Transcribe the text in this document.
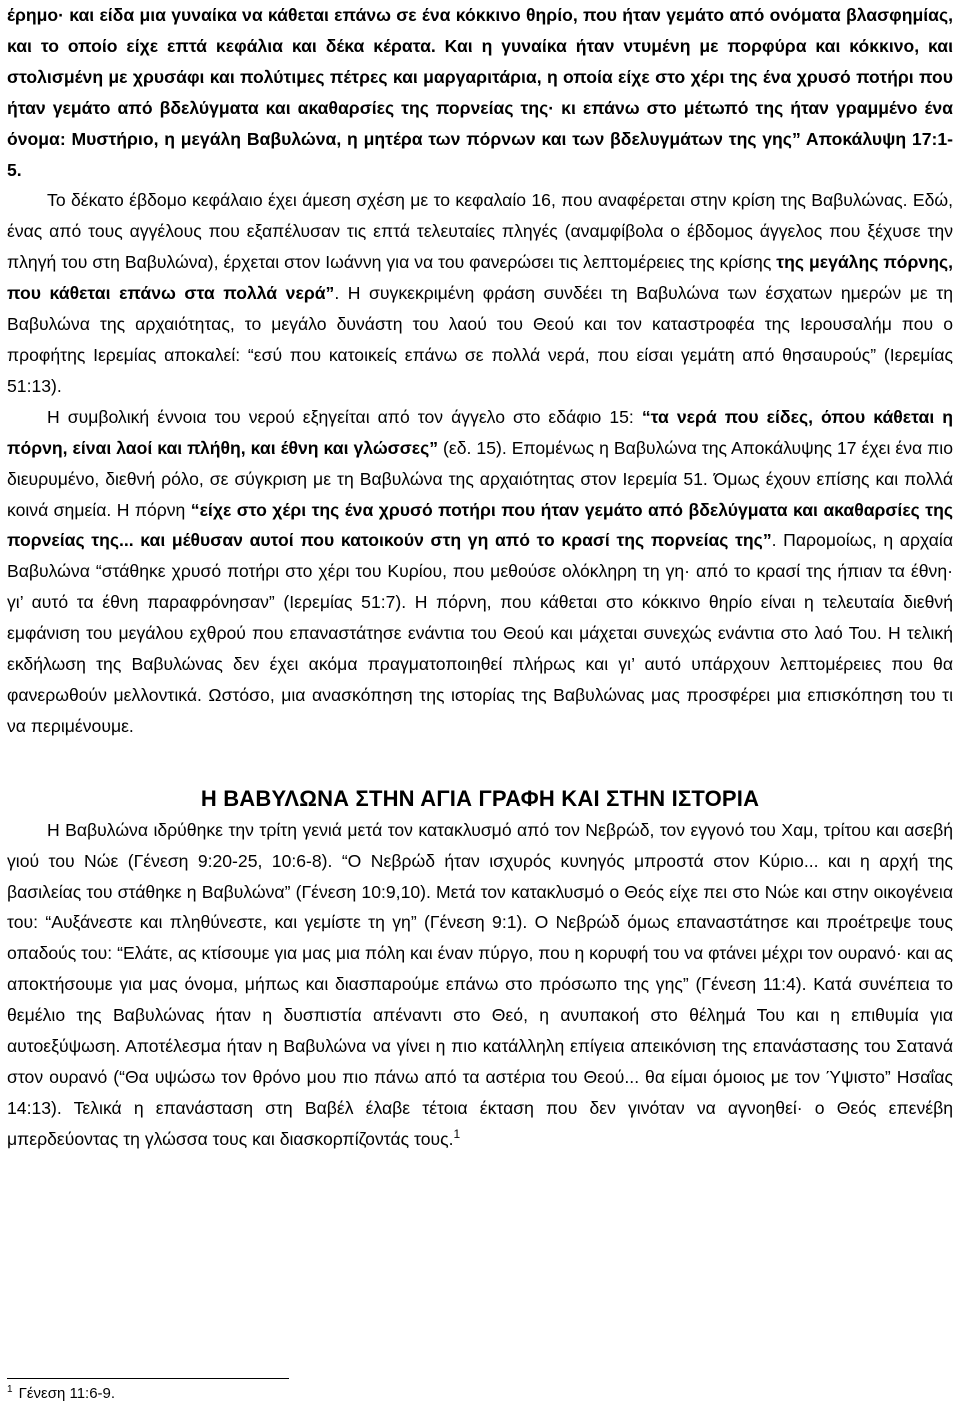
έρημο· και είδα μια γυναίκα να κάθεται επάνω σε ένα κόκκινο θηρίο, που ήταν γεμάτο από ονόματα βλασφημίας, και το οποίο είχε επτά κεφάλια και δέκα κέρατα. Και η γυναίκα ήταν ντυμένη με πορφύρα και κόκκινο, και στολισμένη με χρυσάφι και πολύτιμες πέτρες και μαργαριτάρια, η οποία είχε στο χέρι της ένα χρυσό ποτήρι που ήταν γεμάτο από βδελύγματα και ακαθαρσίες της πορνείας της· κι επάνω στο μέτωπό της ήταν γραμμένο ένα όνομα: Μυστήριο, η μεγάλη Βαβυλώνα, η μητέρα των πόρνων και των βδελυγμάτων της γης” Αποκάλυψη 17:1-5.

Το δέκατο έβδομο κεφάλαιο έχει άμεση σχέση με το κεφαλαίο 16, που αναφέρεται στην κρίση της Βαβυλώνας. Εδώ, ένας από τους αγγέλους που εξαπέλυσαν τις επτά τελευταίες πληγές (αναμφίβολα ο έβδομος άγγελος που ξέχυσε την πληγή του στη Βαβυλώνα), έρχεται στον Ιωάννη για να του φανερώσει τις λεπτομέρειες της κρίσης της μεγάλης πόρνης, που κάθεται επάνω στα πολλά νερά”. Η συγκεκριμένη φράση συνδέει τη Βαβυλώνα των έσχατων ημερών με τη Βαβυλώνα της αρχαιότητας, το μεγάλο δυνάστη του λαού του Θεού και τον καταστροφέα της Ιερουσαλήμ που ο προφήτης Ιερεμίας αποκαλεί: “εσύ που κατοικείς επάνω σε πολλά νερά, που είσαι γεμάτη από θησαυρούς” (Ιερεμίας 51:13).

Η συμβολική έννοια του νερού εξηγείται από τον άγγελο στο εδάφιο 15: “τα νερά που είδες, όπου κάθεται η πόρνη, είναι λαοί και πλήθη, και έθνη και γλώσσες” (εδ. 15). Επομένως η Βαβυλώνα της Αποκάλυψης 17 έχει ένα πιο διευρυμένο, διεθνή ρόλο, σε σύγκριση με τη Βαβυλώνα της αρχαιότητας στον Ιερεμία 51. Όμως έχουν επίσης και πολλά κοινά σημεία. Η πόρνη “είχε στο χέρι της ένα χρυσό ποτήρι που ήταν γεμάτο από βδελύγματα και ακαθαρσίες της πορνείας της... και μέθυσαν αυτοί που κατοικούν στη γη από το κρασί της πορνείας της”. Παρομοίως, η αρχαία Βαβυλώνα “στάθηκε χρυσό ποτήρι στο χέρι του Κυρίου, που μεθούσε ολόκληρη τη γη· από το κρασί της ήπιαν τα έθνη· γι’ αυτό τα έθνη παραφρόνησαν” (Ιερεμίας 51:7). Η πόρνη, που κάθεται στο κόκκινο θηρίο είναι η τελευταία διεθνή εμφάνιση του μεγάλου εχθρού που επαναστάτησε ενάντια του Θεού και μάχεται συνεχώς ενάντια στο λαό Του. Η τελική εκδήλωση της Βαβυλώνας δεν έχει ακόμα πραγματοποιηθεί πλήρως και γι’ αυτό υπάρχουν λεπτομέρειες που θα φανερωθούν μελλοντικά. Ωστόσο, μια ανασκόπηση της ιστορίας της Βαβυλώνας μας προσφέρει μια επισκόπηση του τι να περιμένουμε.

Η ΒΑΒΥΛΩΝΑ ΣΤΗΝ ΑΓΙΑ ΓΡΑΦΗ ΚΑΙ ΣΤΗΝ ΙΣΤΟΡΙΑ

Η Βαβυλώνα ιδρύθηκε την τρίτη γενιά μετά τον κατακλυσμό από τον Νεβρώδ, τον εγγονό του Χαμ, τρίτου και ασεβή γιού του Νώε (Γένεση 9:20-25, 10:6-8). “Ο Νεβρώδ ήταν ισχυρός κυνηγός μπροστά στον Κύριο... και η αρχή της βασιλείας του στάθηκε η Βαβυλώνα” (Γένεση 10:9,10). Μετά τον κατακλυσμό ο Θεός είχε πει στο Νώε και στην οικογένεια του: “Αυξάνεστε και πληθύνεστε, και γεμίστε τη γη” (Γένεση 9:1). Ο Νεβρώδ όμως επαναστάτησε και προέτρεψε τους οπαδούς του: “Ελάτε, ας κτίσουμε για μας μια πόλη και έναν πύργο, που η κορυφή του να φτάνει μέχρι τον ουρανό· και ας αποκτήσουμε για μας όνομα, μήπως και διασπαρούμε επάνω στο πρόσωπο της γης” (Γένεση 11:4). Κατά συνέπεια το θεμέλιο της Βαβυλώνας ήταν η δυσπιστία απέναντι στο Θεό, η ανυπακοή στο θέλημά Του και η επιθυμία για αυτοεξύψωση. Αποτέλεσμα ήταν η Βαβυλώνα να γίνει η πιο κατάλληλη επίγεια απεικόνιση της επανάστασης του Σατανά στον ουρανό (“Θα υψώσω τον θρόνο μου πιο πάνω από τα αστέρια του Θεού... θα είμαι όμοιος με τον Ύψιστο” Ησαΐας 14:13). Τελικά η επανάσταση στη Βαβέλ έλαβε τέτοια έκταση που δεν γινόταν να αγνοηθεί· ο Θεός επενέβη μπερδεύοντας τη γλώσσα τους και διασκορπίζοντάς τους.$^1$

$^1$ Γένεση 11:6-9.
